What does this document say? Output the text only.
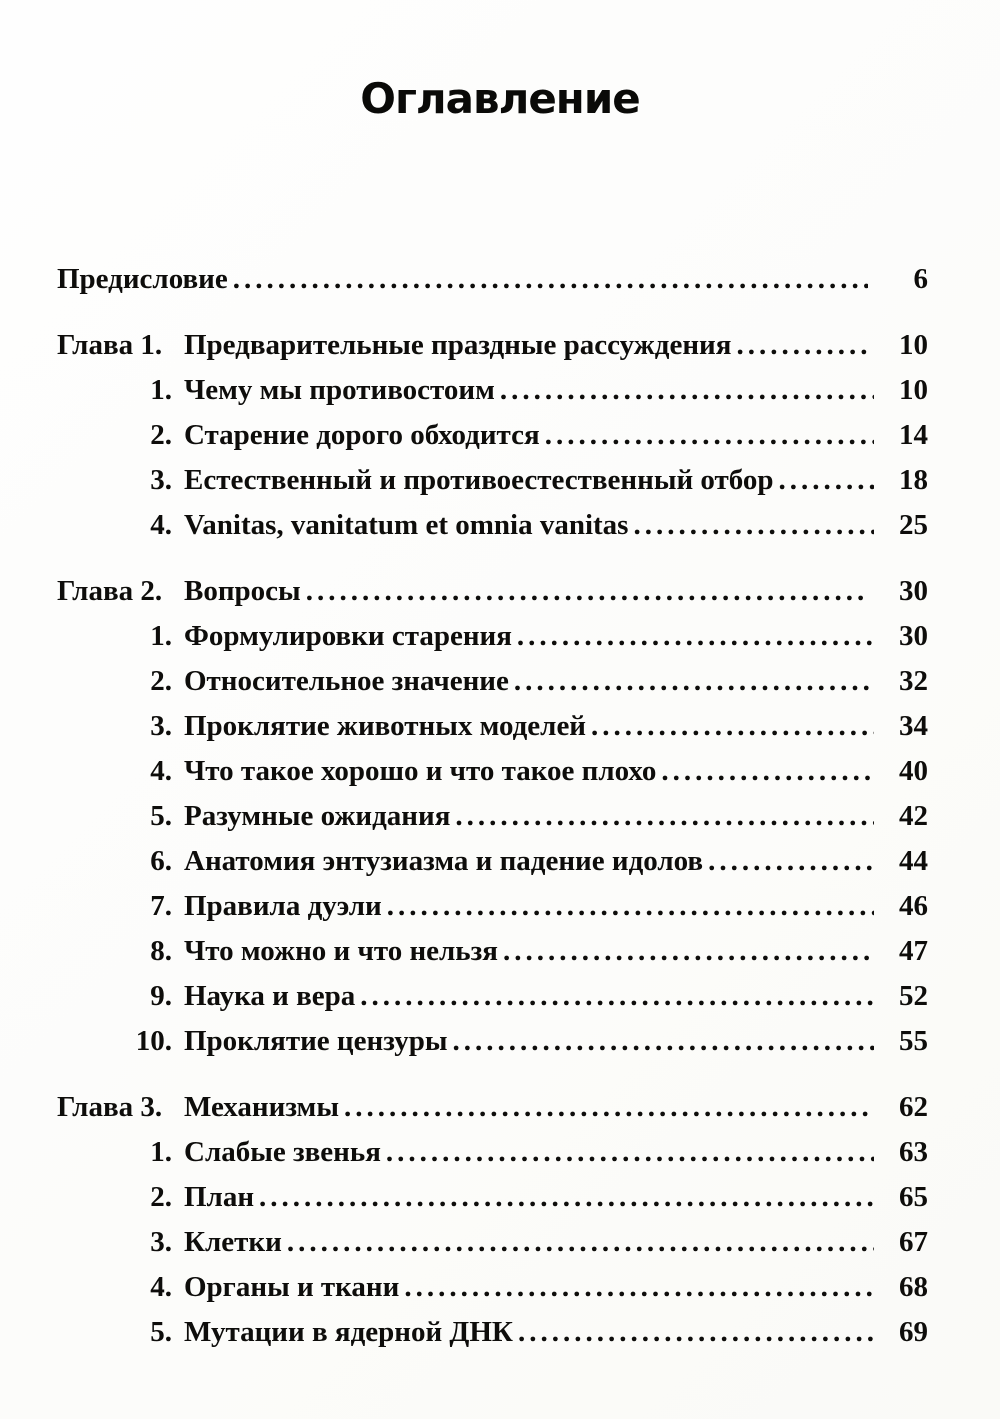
Оглавление
Предисловие .....	6
Глава 1. Предварительные праздные рассуждения .....	10
1. Чему мы противостоим .....	10
2. Старение дорого обходится .....	14
3. Естественный и противоестественный отбор .....	18
4. Vanitas, vanitatum et omnia vanitas .....	25
Глава 2. Вопросы .....	30
1. Формулировки старения .....	30
2. Относительное значение .....	32
3. Проклятие животных моделей .....	34
4. Что такое хорошо и что такое плохо .....	40
5. Разумные ожидания .....	42
6. Анатомия энтузиазма и падение идолов .....	44
7. Правила дуэли .....	46
8. Что можно и что нельзя .....	47
9. Наука и вера .....	52
10. Проклятие цензуры .....	55
Глава 3. Механизмы .....	62
1. Слабые звенья .....	63
2. План .....	65
3. Клетки .....	67
4. Органы и ткани .....	68
5. Мутации в ядерной ДНК .....	69
